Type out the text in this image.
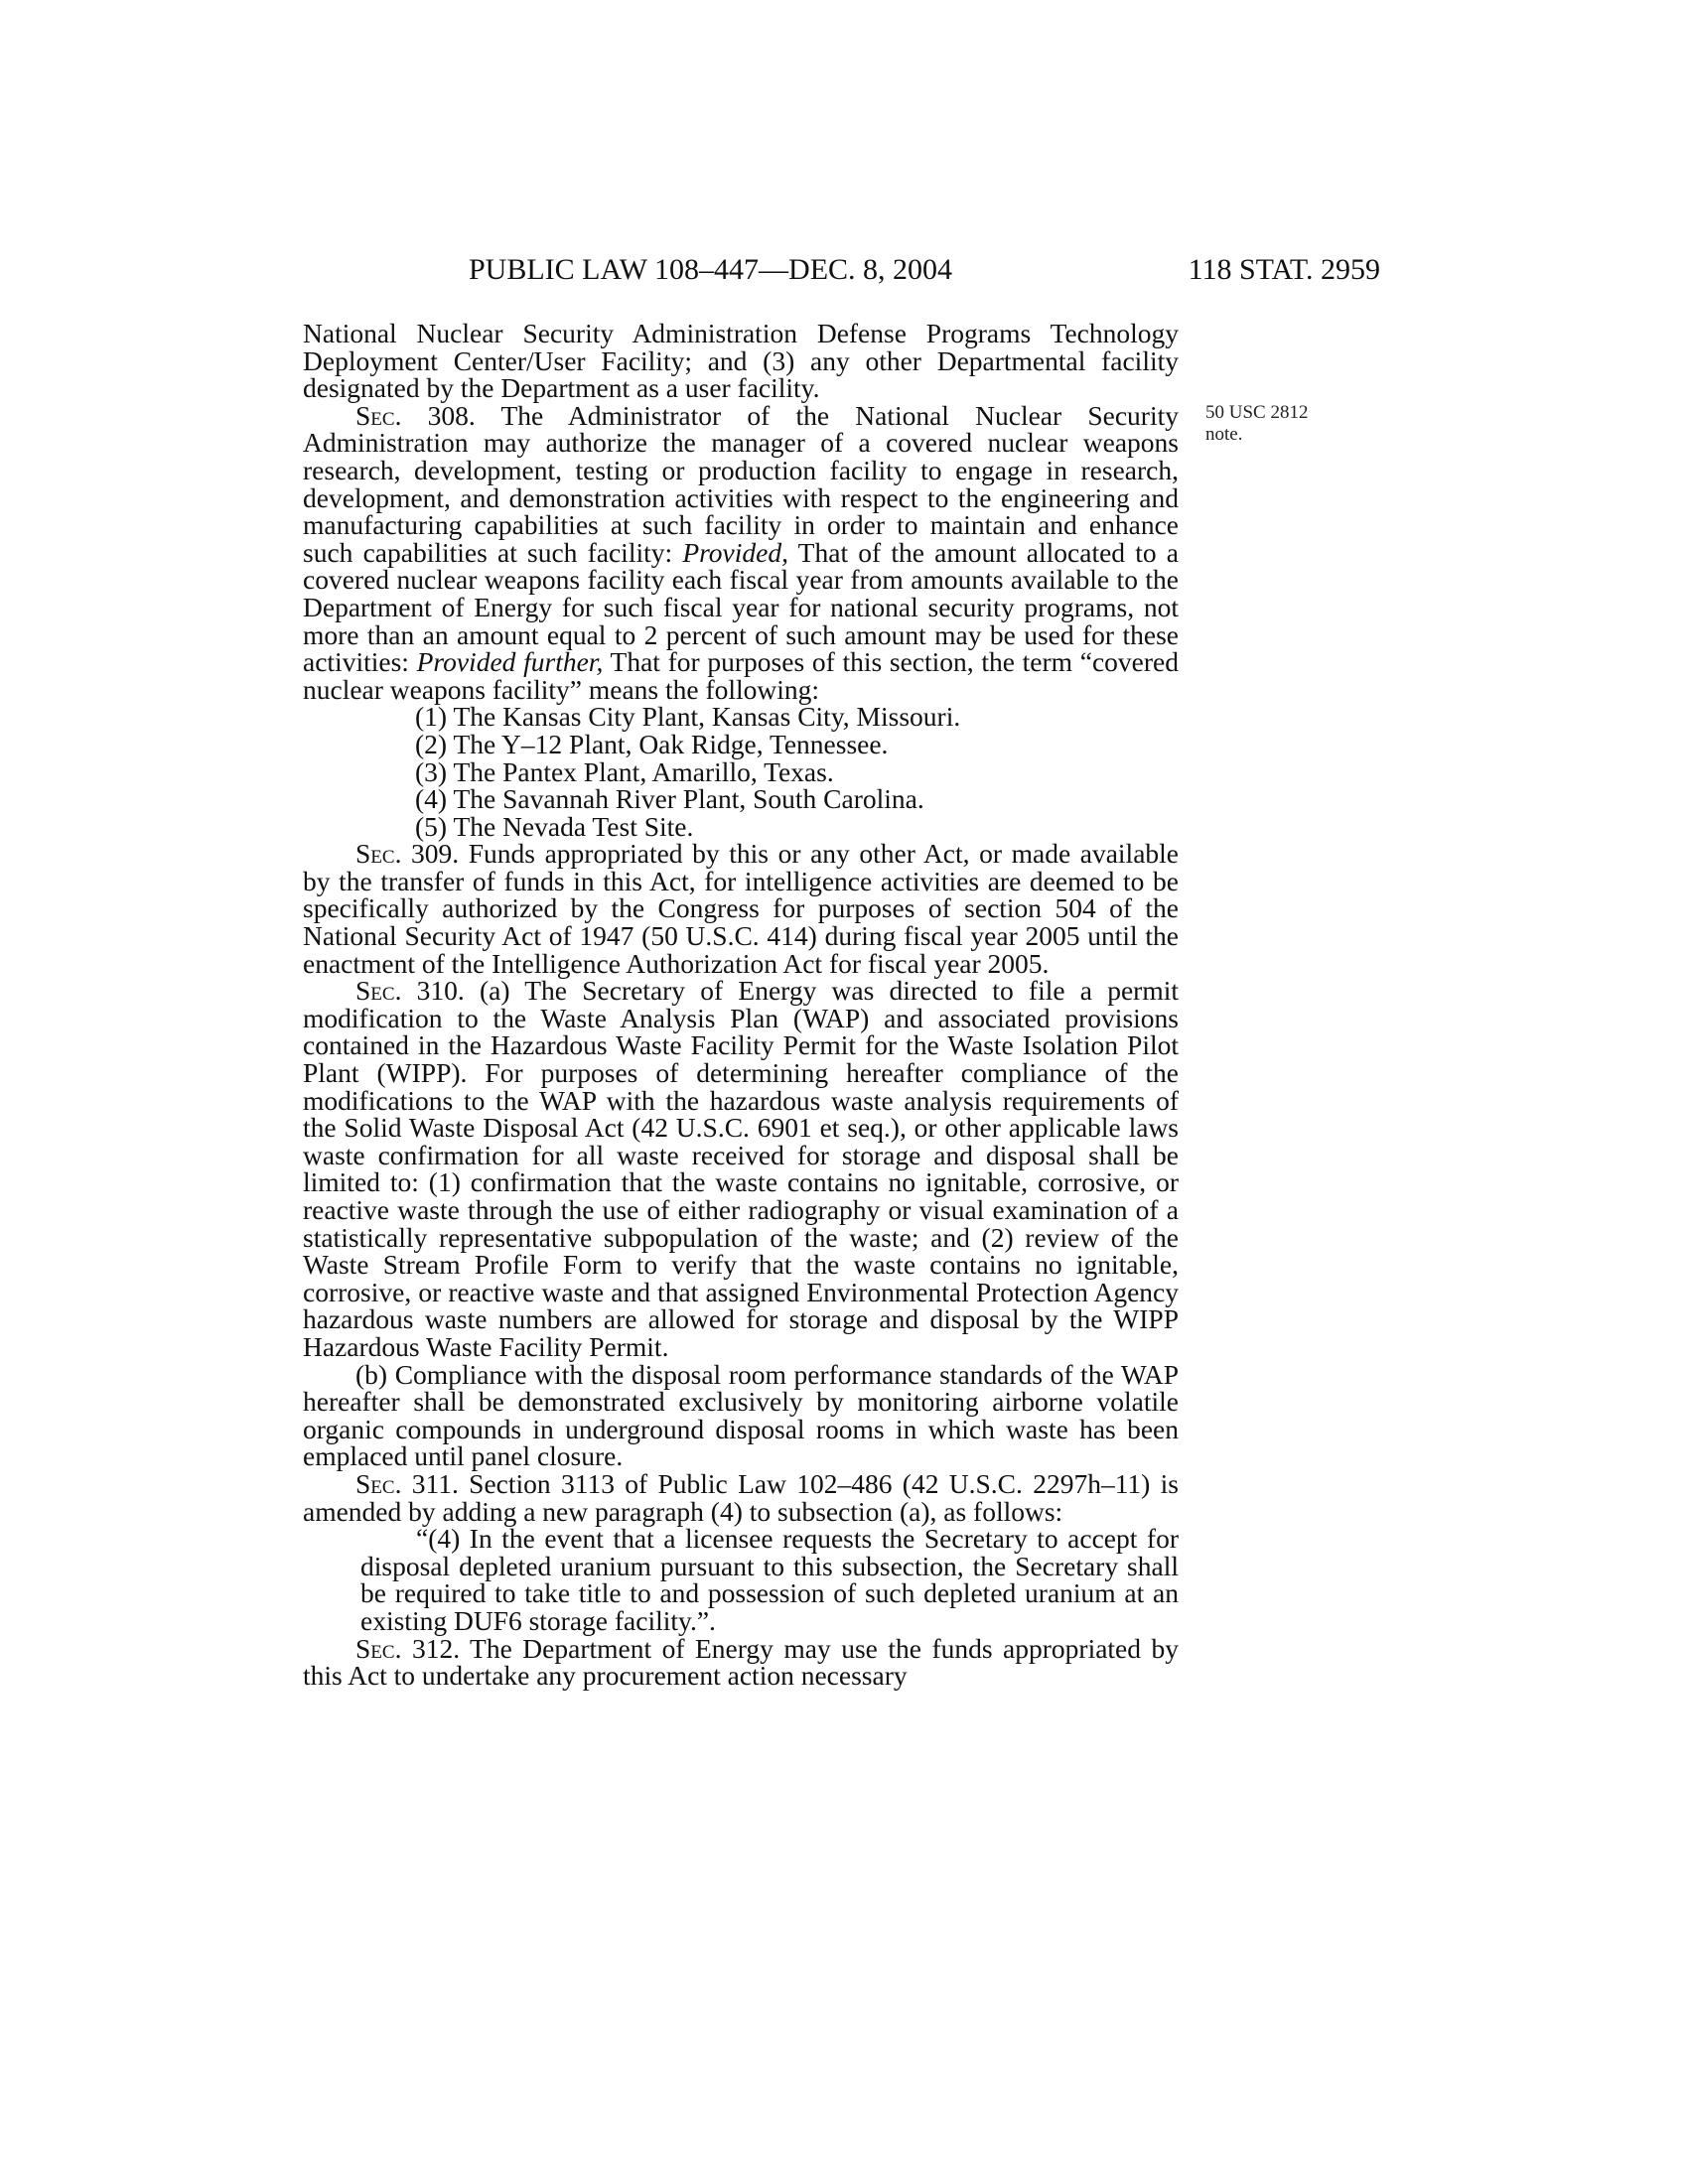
PUBLIC LAW 108–447—DEC. 8, 2004	118 STAT. 2959
50 USC 2812
note.

National Nuclear Security Administration Defense Programs Technology Deployment Center/User Facility; and (3) any other Departmental facility designated by the Department as a user facility.

Sec. 308. The Administrator of the National Nuclear Security Administration may authorize the manager of a covered nuclear weapons research, development, testing or production facility to engage in research, development, and demonstration activities with respect to the engineering and manufacturing capabilities at such facility in order to maintain and enhance such capabilities at such facility: Provided, That of the amount allocated to a covered nuclear weapons facility each fiscal year from amounts available to the Department of Energy for such fiscal year for national security programs, not more than an amount equal to 2 percent of such amount may be used for these activities: Provided further, That for purposes of this section, the term “covered nuclear weapons facility” means the following:

(1) The Kansas City Plant, Kansas City, Missouri.

(2) The Y–12 Plant, Oak Ridge, Tennessee.

(3) The Pantex Plant, Amarillo, Texas.

(4) The Savannah River Plant, South Carolina.

(5) The Nevada Test Site.

Sec. 309. Funds appropriated by this or any other Act, or made available by the transfer of funds in this Act, for intelligence activities are deemed to be specifically authorized by the Congress for purposes of section 504 of the National Security Act of 1947 (50 U.S.C. 414) during fiscal year 2005 until the enactment of the Intelligence Authorization Act for fiscal year 2005.

Sec. 310. (a) The Secretary of Energy was directed to file a permit modification to the Waste Analysis Plan (WAP) and associated provisions contained in the Hazardous Waste Facility Permit for the Waste Isolation Pilot Plant (WIPP). For purposes of determining hereafter compliance of the modifications to the WAP with the hazardous waste analysis requirements of the Solid Waste Disposal Act (42 U.S.C. 6901 et seq.), or other applicable laws waste confirmation for all waste received for storage and disposal shall be limited to: (1) confirmation that the waste contains no ignitable, corrosive, or reactive waste through the use of either radiography or visual examination of a statistically representative subpopulation of the waste; and (2) review of the Waste Stream Profile Form to verify that the waste contains no ignitable, corrosive, or reactive waste and that assigned Environmental Protection Agency hazardous waste numbers are allowed for storage and disposal by the WIPP Hazardous Waste Facility Permit.

(b) Compliance with the disposal room performance standards of the WAP hereafter shall be demonstrated exclusively by monitoring airborne volatile organic compounds in underground disposal rooms in which waste has been emplaced until panel closure.

Sec. 311. Section 3113 of Public Law 102–486 (42 U.S.C. 2297h–11) is amended by adding a new paragraph (4) to subsection (a), as follows:

“(4) In the event that a licensee requests the Secretary to accept for disposal depleted uranium pursuant to this subsection, the Secretary shall be required to take title to and possession of such depleted uranium at an existing DUF6 storage facility.”.

Sec. 312. The Department of Energy may use the funds appropriated by this Act to undertake any procurement action necessary
